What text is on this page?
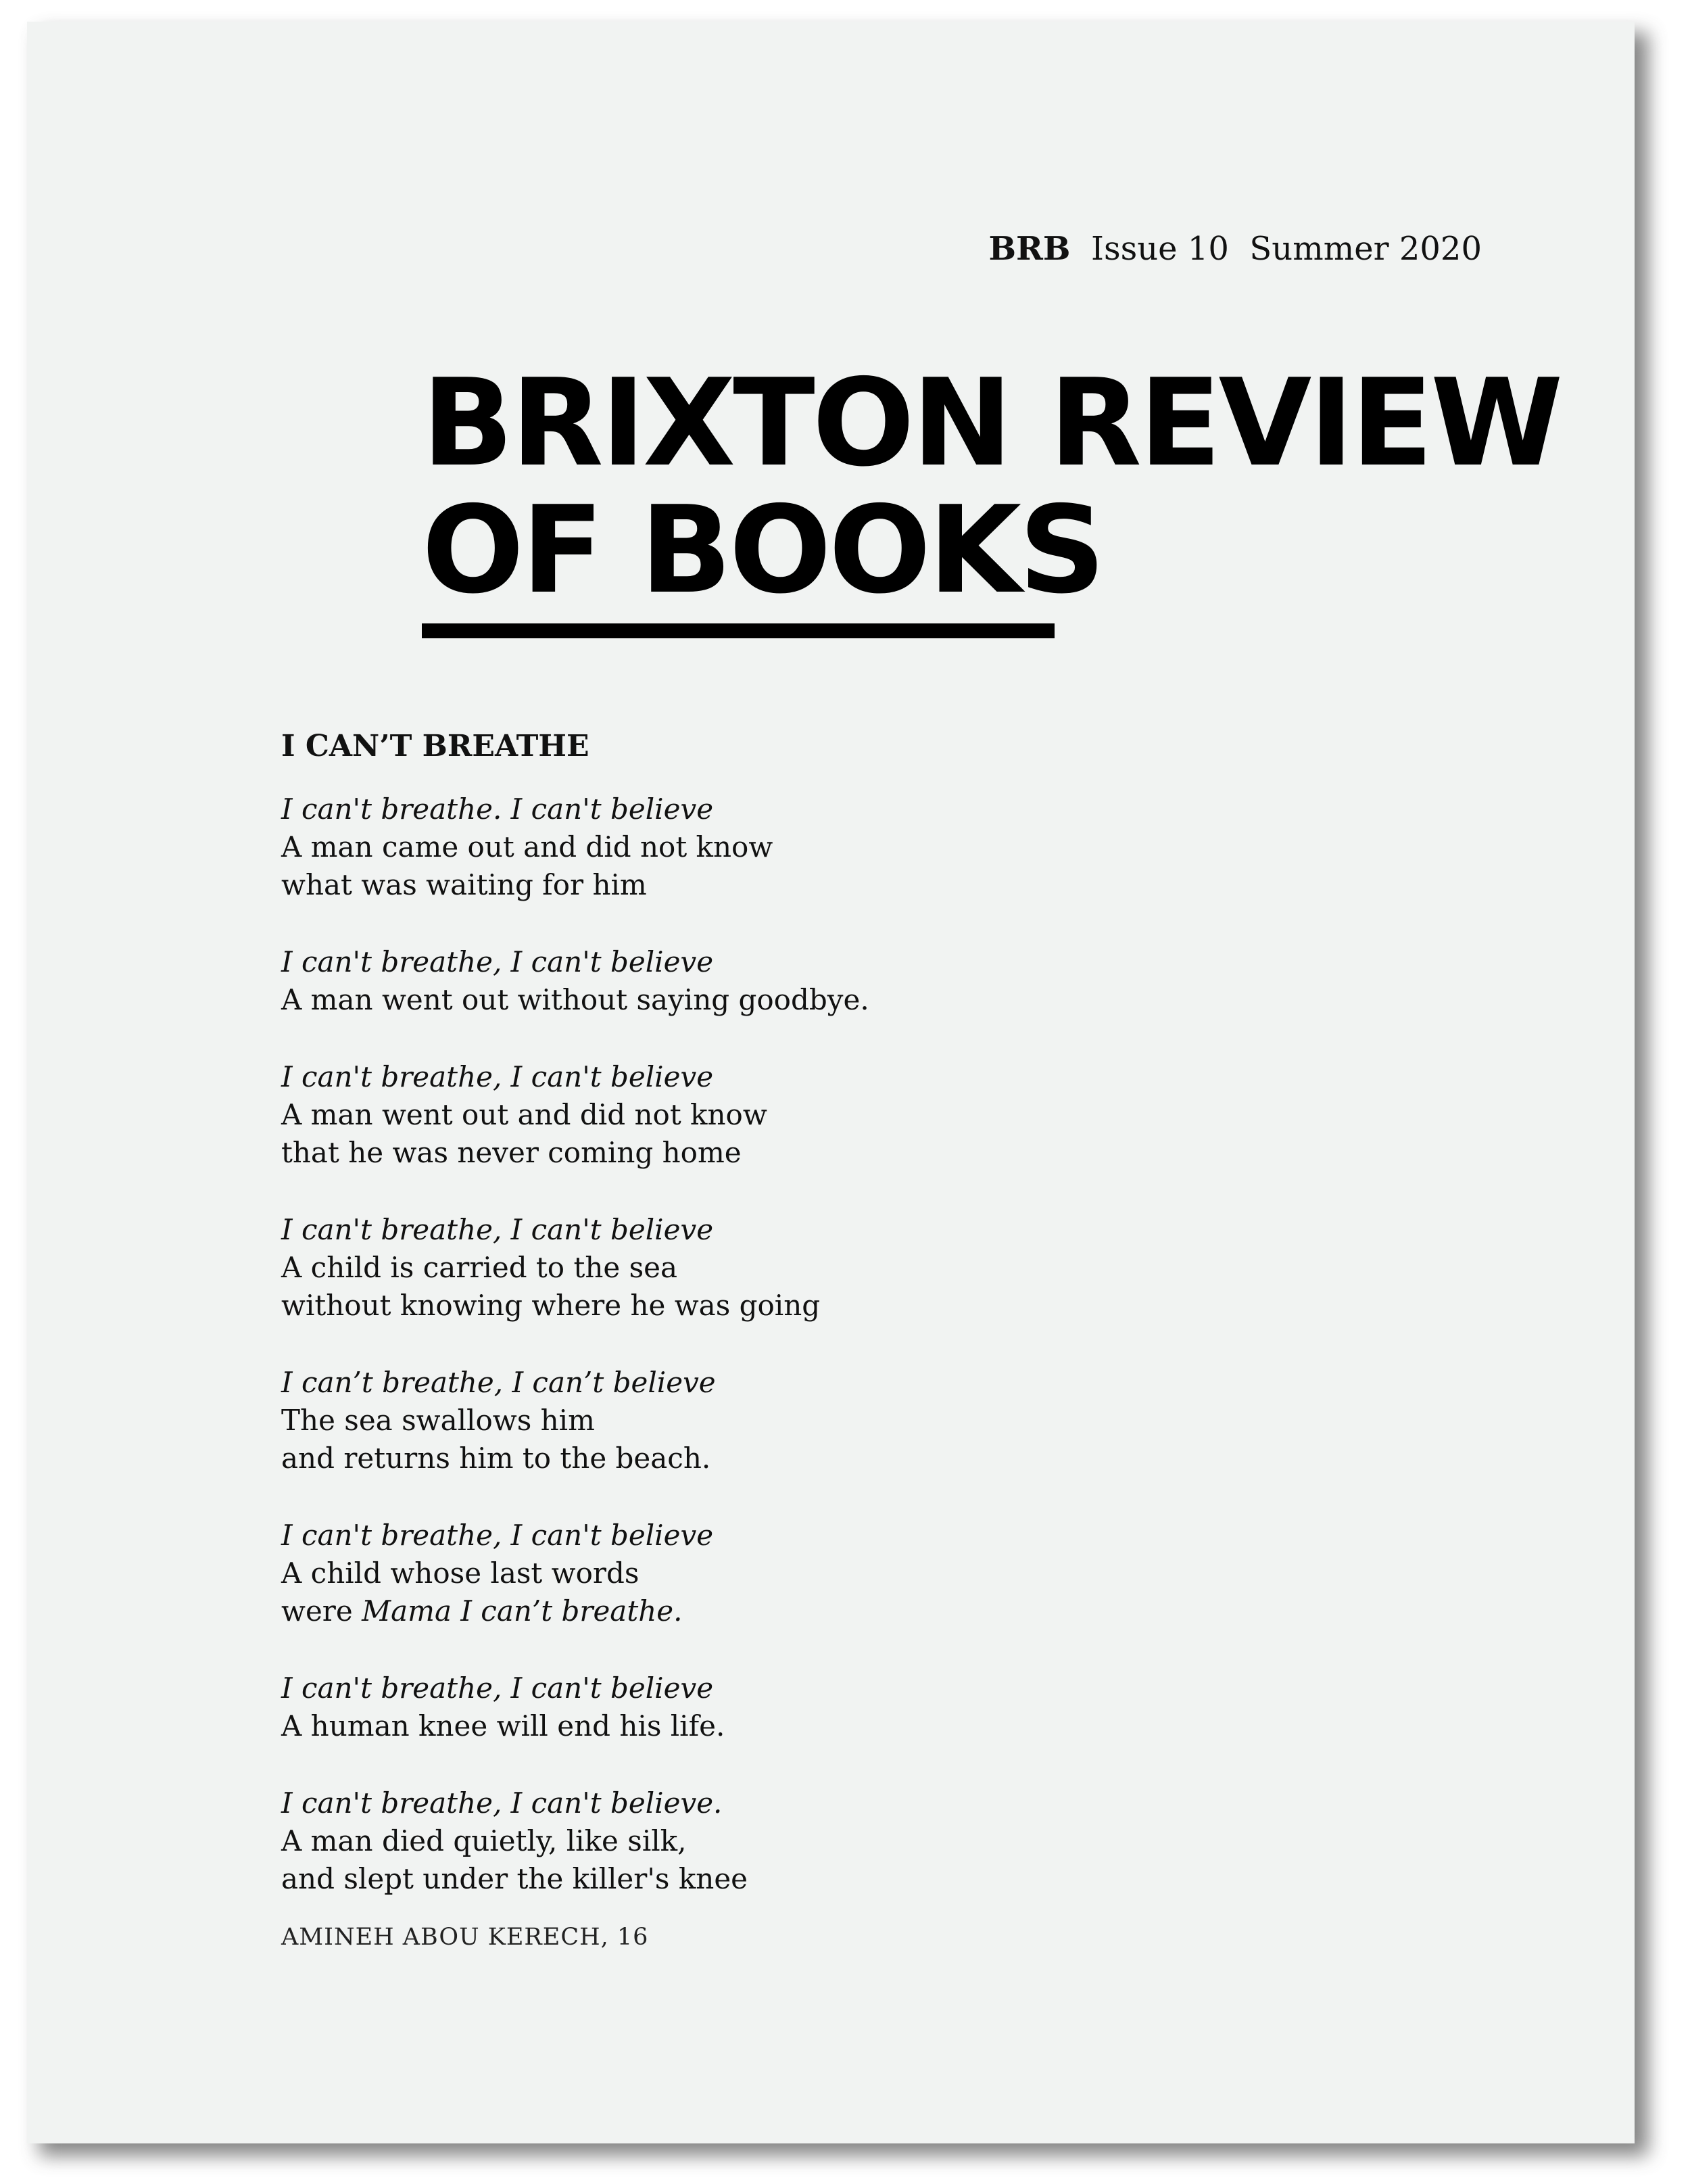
BRB Issue 10 Summer 2020
BRIXTON REVIEW
OF BOOKS
I CAN’T BREATHE
I can't breathe. I can't believe
A man came out and did not know
what was waiting for him
I can't breathe, I can't believe
A man went out without saying goodbye.
I can't breathe, I can't believe
A man went out and did not know
that he was never coming home
I can't breathe, I can't believe
A child is carried to the sea
without knowing where he was going
I can’t breathe, I can’t believe
The sea swallows him
and returns him to the beach.
I can't breathe, I can't believe
A child whose last words
were Mama I can’t breathe.
I can't breathe, I can't believe
A human knee will end his life.
I can't breathe, I can't believe.
A man died quietly, like silk,
and slept under the killer's knee
AMINEH ABOU KERECH, 16
